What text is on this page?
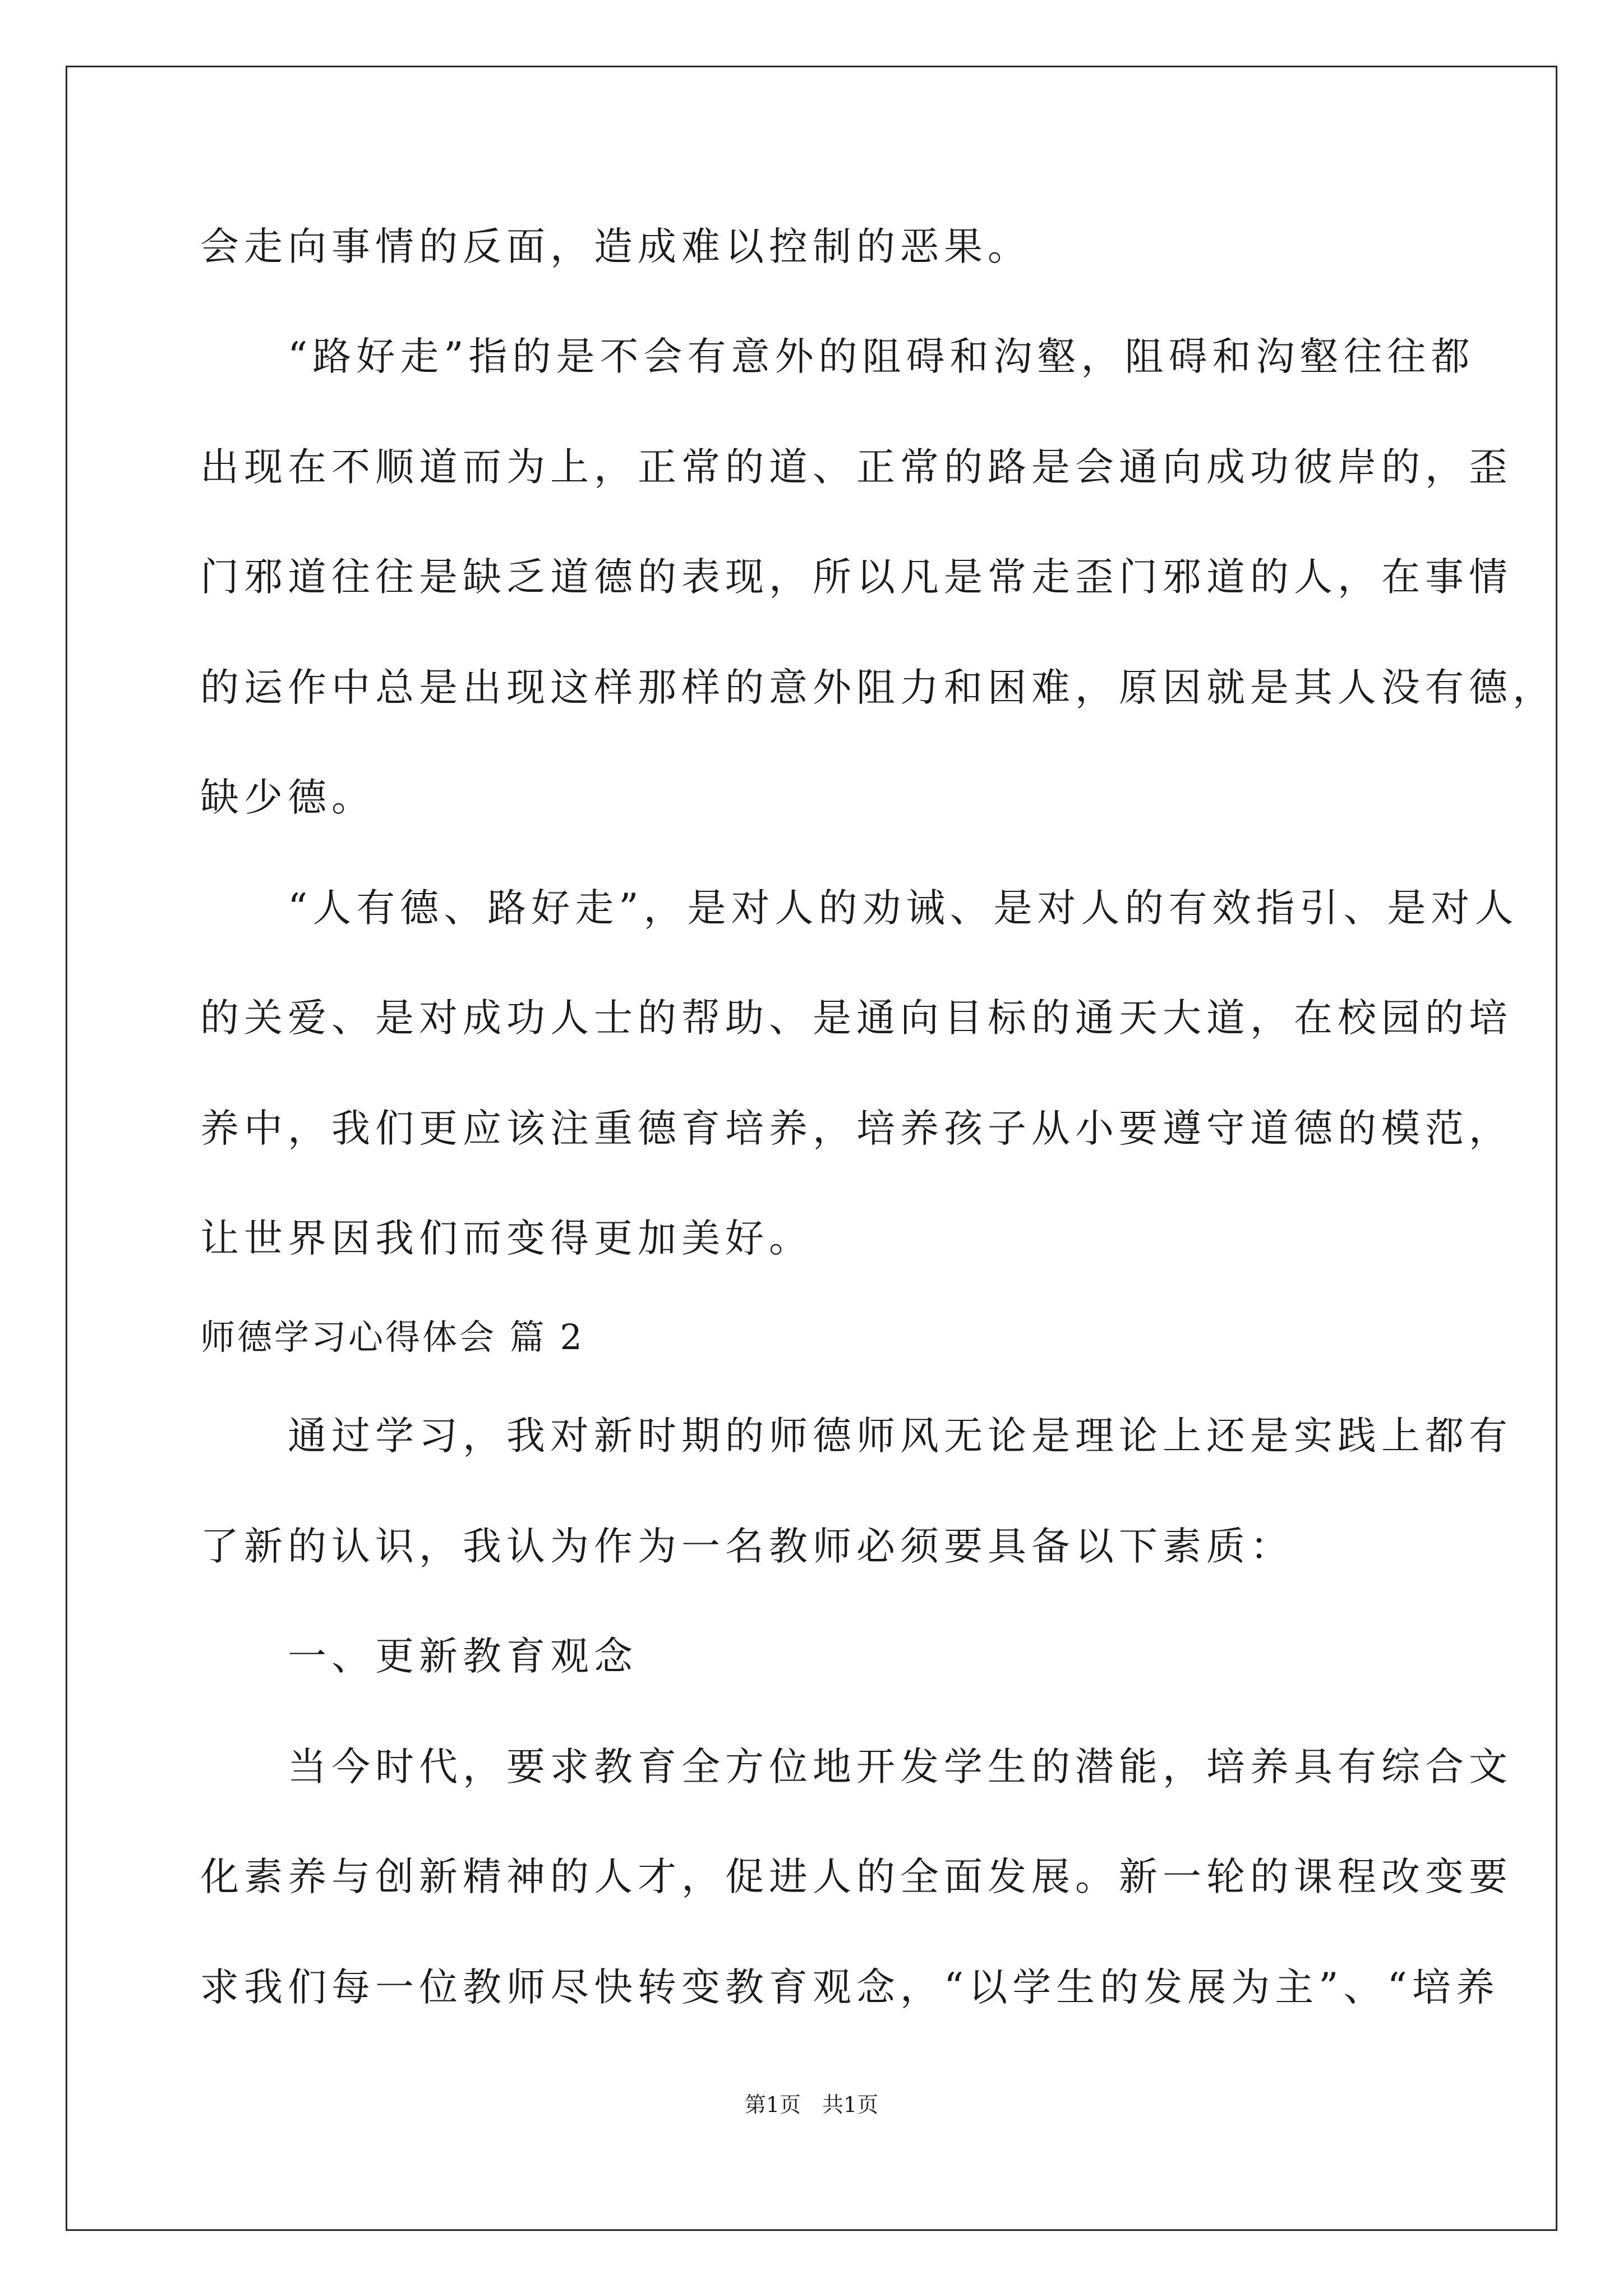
会走向事情的反面，造成难以控制的恶果。
　　“路好走”指的是不会有意外的阻碍和沟壑，阻碍和沟壑往往都
出现在不顺道而为上，正常的道、正常的路是会通向成功彼岸的，歪
门邪道往往是缺乏道德的表现，所以凡是常走歪门邪道的人，在事情
的运作中总是出现这样那样的意外阻力和困难，原因就是其人没有德，
缺少德。
　　“人有德、路好走”，是对人的劝诫、是对人的有效指引、是对人
的关爱、是对成功人士的帮助、是通向目标的通天大道，在校园的培
养中，我们更应该注重德育培养，培养孩子从小要遵守道德的模范，
让世界因我们而变得更加美好。
师德学习心得体会 篇 2
　　通过学习，我对新时期的师德师风无论是理论上还是实践上都有
了新的认识，我认为作为一名教师必须要具备以下素质：
　　一、更新教育观念
　　当今时代，要求教育全方位地开发学生的潜能，培养具有综合文
化素养与创新精神的人才，促进人的全面发展。新一轮的课程改变要
求我们每一位教师尽快转变教育观念，“以学生的发展为主”、“培养
第1页　共1页
